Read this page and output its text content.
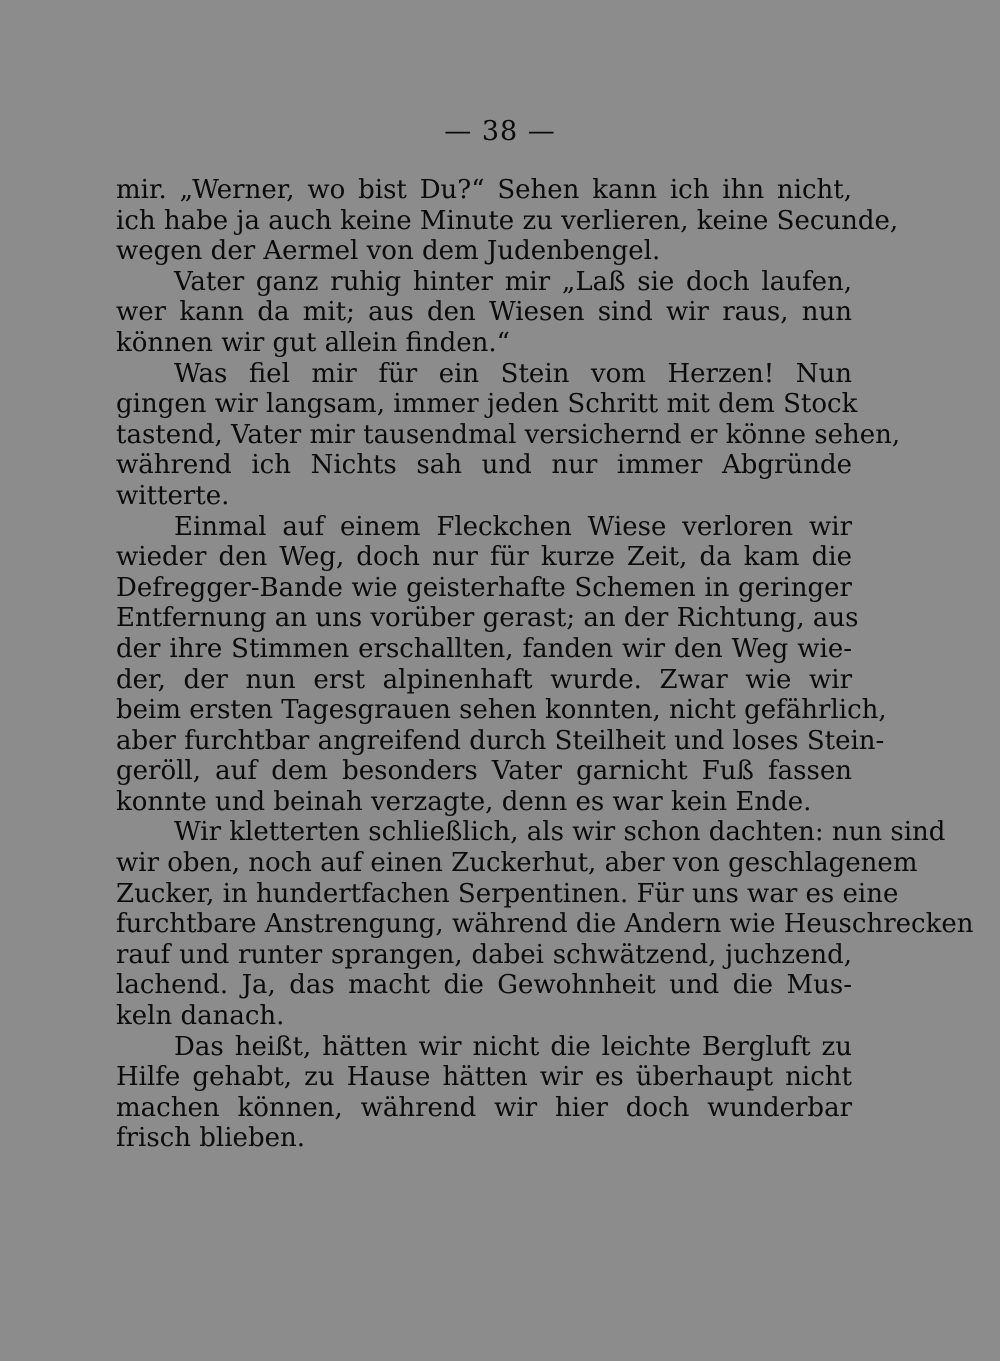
— 38 —
mir. „Werner, wo bist Du?“ Sehen kann ich ihn nicht,
ich habe ja auch keine Minute zu verlieren, keine Secunde,
wegen der Aermel von dem Judenbengel.
Vater ganz ruhig hinter mir „Laß sie doch laufen,
wer kann da mit; aus den Wiesen sind wir raus, nun
können wir gut allein finden.“
Was fiel mir für ein Stein vom Herzen! Nun
gingen wir langsam, immer jeden Schritt mit dem Stock
tastend, Vater mir tausendmal versichernd er könne sehen,
während ich Nichts sah und nur immer Abgründe
witterte.
Einmal auf einem Fleckchen Wiese verloren wir
wieder den Weg, doch nur für kurze Zeit, da kam die
Defregger-Bande wie geisterhafte Schemen in geringer
Entfernung an uns vorüber gerast; an der Richtung, aus
der ihre Stimmen erschallten, fanden wir den Weg wie-
der, der nun erst alpinenhaft wurde. Zwar wie wir
beim ersten Tagesgrauen sehen konnten, nicht gefährlich,
aber furchtbar angreifend durch Steilheit und loses Stein-
geröll, auf dem besonders Vater garnicht Fuß fassen
konnte und beinah verzagte, denn es war kein Ende.
Wir kletterten schließlich, als wir schon dachten: nun sind
wir oben, noch auf einen Zuckerhut, aber von geschlagenem
Zucker, in hundertfachen Serpentinen. Für uns war es eine
furchtbare Anstrengung, während die Andern wie Heuschrecken
rauf und runter sprangen, dabei schwätzend, juchzend,
lachend. Ja, das macht die Gewohnheit und die Mus-
keln danach.
Das heißt, hätten wir nicht die leichte Bergluft zu
Hilfe gehabt, zu Hause hätten wir es überhaupt nicht
machen können, während wir hier doch wunderbar
frisch blieben.
